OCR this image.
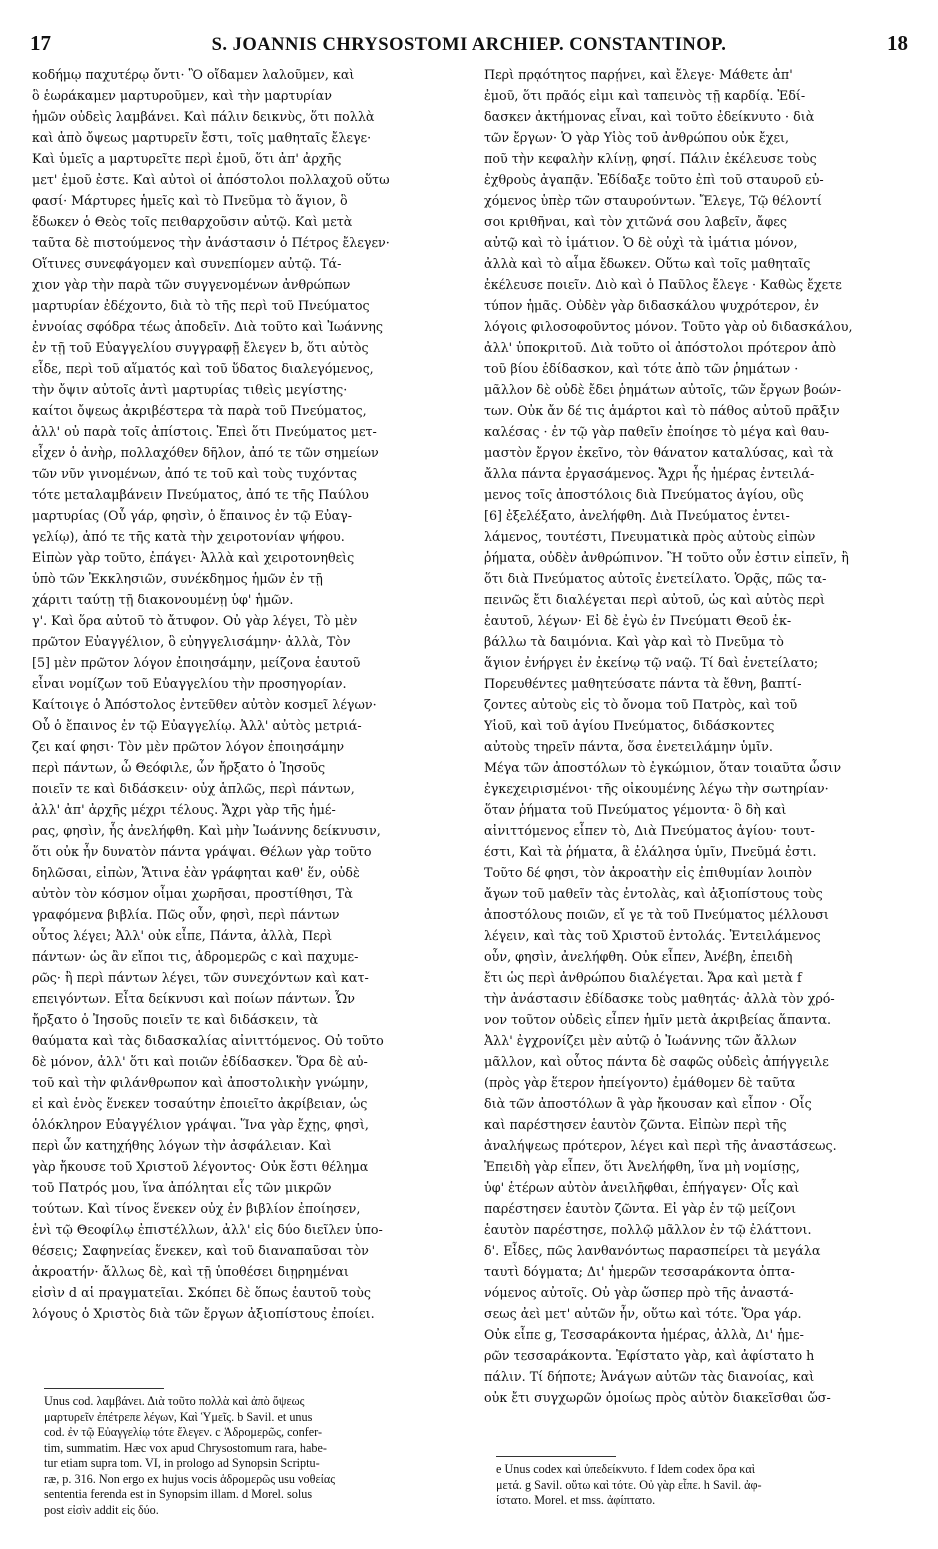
17	S. JOANNIS CHRYSOSTOMI ARCHIEP. CONSTANTINOP.	18
κοδήμῳ παχυτέρῳ ὄντι· Ὃ οἴδαμεν λαλοῦμεν, καὶ
ὃ ἑωράκαμεν μαρτυροῦμεν, καὶ τὴν μαρτυρίαν
ἡμῶν οὐδεὶς λαμβάνει. Καὶ πάλιν δεικνὺς, ὅτι πολλὰ
καὶ ἀπὸ ὄψεως μαρτυρεῖν ἔστι, τοῖς μαθηταῖς ἔλεγε·
Καὶ ὑμεῖς a μαρτυρεῖτε περὶ ἐμοῦ, ὅτι ἀπ' ἀρχῆς
μετ' ἐμοῦ ἐστε. Καὶ αὐτοὶ οἱ ἀπόστολοι πολλαχοῦ οὕτω
φασί· Μάρτυρες ἡμεῖς καὶ τὸ Πνεῦμα τὸ ἅγιον, ὃ
ἔδωκεν ὁ Θεὸς τοῖς πειθαρχοῦσιν αὐτῷ. Καὶ μετὰ
ταῦτα δὲ πιστούμενος τὴν ἀνάστασιν ὁ Πέτρος ἔλεγεν·
Οἵτινες συνεφάγομεν καὶ συνεπίομεν αὐτῷ. Τά-
χιον γὰρ τὴν παρὰ τῶν συγγενομένων ἀνθρώπων
μαρτυρίαν ἐδέχοντο, διὰ τὸ τῆς περὶ τοῦ Πνεύματος
ἐννοίας σφόδρα τέως ἀποδεῖν. Διὰ τοῦτο καὶ Ἰωάννης
ἐν τῇ τοῦ Εὐαγγελίου συγγραφῇ ἔλεγεν b, ὅτι αὐτὸς
εἶδε, περὶ τοῦ αἵματός καὶ τοῦ ὕδατος διαλεγόμενος,
τὴν ὄψιν αὐτοῖς ἀντὶ μαρτυρίας τιθεὶς μεγίστης·
καίτοι ὄψεως ἀκριβέστερα τὰ παρὰ τοῦ Πνεύματος,
ἀλλ' οὐ παρὰ τοῖς ἀπίστοις. Ἐπεὶ ὅτι Πνεύματος μετ-
εἶχεν ὁ ἀνὴρ, πολλαχόθεν δῆλον, ἀπό τε τῶν σημείων
τῶν νῦν γινομένων, ἀπό τε τοῦ καὶ τοὺς τυχόντας
τότε μεταλαμβάνειν Πνεύματος, ἀπό τε τῆς Παύλου
μαρτυρίας (Οὗ γάρ, φησὶν, ὁ ἔπαινος ἐν τῷ Εὐαγ-
γελίῳ), ἀπό τε τῆς κατὰ τὴν χειροτονίαν ψήφου.
Εἰπὼν γὰρ τοῦτο, ἐπάγει· Ἀλλὰ καὶ χειροτονηθεὶς
ὑπὸ τῶν Ἐκκλησιῶν, συνέκδημος ἡμῶν ἐν τῇ
χάριτι ταύτῃ τῇ διακονουμένῃ ὑφ' ἡμῶν.
γ'. Καὶ ὅρα αὐτοῦ τὸ ἄτυφον. Οὐ γὰρ λέγει, Τὸ μὲν
πρῶτον Εὐαγγέλιον, ὃ εὐηγγελισάμην· ἀλλὰ, Τὸν
[5] μὲν πρῶτον λόγον ἐποιησάμην, μείζονα ἑαυτοῦ
εἶναι νομίζων τοῦ Εὐαγγελίου τὴν προσηγορίαν.
Καίτοιγε ὁ Ἀπόστολος ἐντεῦθεν αὐτὸν κοσμεῖ λέγων·
Οὗ ὁ ἔπαινος ἐν τῷ Εὐαγγελίῳ. Ἀλλ' αὐτὸς μετριά-
ζει καί φησι· Τὸν μὲν πρῶτον λόγον ἐποιησάμην
περὶ πάντων, ὦ Θεόφιλε, ὧν ἤρξατο ὁ Ἰησοῦς
ποιεῖν τε καὶ διδάσκειν· οὐχ ἁπλῶς, περὶ πάντων,
ἀλλ' ἀπ' ἀρχῆς μέχρι τέλους. Ἄχρι γὰρ τῆς ἡμέ-
ρας, φησὶν, ἧς ἀνελήφθη. Καὶ μὴν Ἰωάννης δείκνυσιν,
ὅτι οὐκ ἦν δυνατὸν πάντα γράψαι. Θέλων γὰρ τοῦτο
δηλῶσαι, εἰπὼν, Ἅτινα ἐὰν γράφηται καθ' ἕν, οὐδὲ
αὐτὸν τὸν κόσμον οἶμαι χωρῆσαι, προστίθησι, Τὰ
γραφόμενα βιβλία. Πῶς οὖν, φησὶ, περὶ πάντων
οὗτος λέγει; Ἀλλ' οὐκ εἶπε, Πάντα, ἀλλὰ, Περὶ
πάντων· ὡς ἂν εἴποι τις, ἁδρομερῶς c καὶ παχυμε-
ρῶς· ἢ περὶ πάντων λέγει, τῶν συνεχόντων καὶ κατ-
επειγόντων. Εἶτα δείκνυσι καὶ ποίων πάντων. Ὧν
ἤρξατο ὁ Ἰησοῦς ποιεῖν τε καὶ διδάσκειν, τὰ
θαύματα καὶ τὰς διδασκαλίας αἰνιττόμενος. Οὐ τοῦτο
δὲ μόνον, ἀλλ' ὅτι καὶ ποιῶν ἐδίδασκεν. Ὅρα δὲ αὐ-
τοῦ καὶ τὴν φιλάνθρωπον καὶ ἀποστολικὴν γνώμην,
εἰ καὶ ἑνὸς ἕνεκεν τοσαύτην ἐποιεῖτο ἀκρίβειαν, ὡς
ὁλόκληρον Εὐαγγέλιον γράψαι. Ἵνα γὰρ ἔχῃς, φησὶ,
περὶ ὧν κατηχήθης λόγων τὴν ἀσφάλειαν. Καὶ
γὰρ ἤκουσε τοῦ Χριστοῦ λέγοντος· Οὐκ ἔστι θέλημα
τοῦ Πατρός μου, ἵνα ἀπόληται εἷς τῶν μικρῶν
τούτων. Καὶ τίνος ἕνεκεν οὐχ ἐν βιβλίον ἐποίησεν,
ἑνὶ τῷ Θεοφίλῳ ἐπιστέλλων, ἀλλ' εἰς δύο διεῖλεν ὑπο-
θέσεις; Σαφηνείας ἕνεκεν, καὶ τοῦ διαναπαῦσαι τὸν
ἀκροατήν· ἄλλως δὲ, καὶ τῇ ὑποθέσει διῃρημέναι
εἰσὶν d αἱ πραγματεῖαι. Σκόπει δὲ ὅπως ἑαυτοῦ τοὺς
λόγους ὁ Χριστὸς διὰ τῶν ἔργων ἀξιοπίστους ἐποίει.
Περὶ πρᾳότητος παρῄνει, καὶ ἔλεγε· Μάθετε ἀπ'
ἐμοῦ, ὅτι πρᾶός εἰμι καὶ ταπεινὸς τῇ καρδίᾳ. Ἐδί-
δασκεν ἀκτήμονας εἶναι, καὶ τοῦτο ἐδείκνυτο · διὰ
τῶν ἔργων· Ὁ γὰρ Υἱὸς τοῦ ἀνθρώπου οὐκ ἔχει,
ποῦ τὴν κεφαλὴν κλίνῃ, φησί. Πάλιν ἐκέλευσε τοὺς
ἐχθροὺς ἀγαπᾷν. Ἐδίδαξε τοῦτο ἐπὶ τοῦ σταυροῦ εὐ-
χόμενος ὑπὲρ τῶν σταυρούντων. Ἔλεγε, Τῷ θέλοντί
σοι κριθῆναι, καὶ τὸν χιτῶνά σου λαβεῖν, ἄφες
αὐτῷ καὶ τὸ ἱμάτιον. Ὁ δὲ οὐχὶ τὰ ἱμάτια μόνον,
ἀλλὰ καὶ τὸ αἷμα ἔδωκεν. Οὕτω καὶ τοῖς μαθηταῖς
ἐκέλευσε ποιεῖν. Διὸ καὶ ὁ Παῦλος ἔλεγε · Καθὼς ἔχετε
τύπον ἡμᾶς. Οὐδὲν γὰρ διδασκάλου ψυχρότερον, ἐν
λόγοις φιλοσοφοῦντος μόνον. Τοῦτο γὰρ οὐ διδασκάλου,
ἀλλ' ὑποκριτοῦ. Διὰ τοῦτο οἱ ἀπόστολοι πρότερον ἀπὸ
τοῦ βίου ἐδίδασκον, καὶ τότε ἀπὸ τῶν ῥημάτων ·
μᾶλλον δὲ οὐδὲ ἔδει ῥημάτων αὐτοῖς, τῶν ἔργων βοών-
των. Οὐκ ἄν δέ τις ἁμάρτοι καὶ τὸ πάθος αὐτοῦ πρᾶξιν
καλέσας · ἐν τῷ γὰρ παθεῖν ἐποίησε τὸ μέγα καὶ θαυ-
μαστὸν ἔργον ἐκεῖνο, τὸν θάνατον καταλύσας, καὶ τὰ
ἄλλα πάντα ἐργασάμενος. Ἄχρι ἧς ἡμέρας ἐντειλά-
μενος τοῖς ἀποστόλοις διὰ Πνεύματος ἁγίου, οὓς
[6] ἐξελέξατο, ἀνελήφθη. Διὰ Πνεύματος ἐντει-
λάμενος, τουτέστι, Πνευματικὰ πρὸς αὐτοὺς εἰπὼν
ῥήματα, οὐδὲν ἀνθρώπινον. Ἢ τοῦτο οὖν ἐστιν εἰπεῖν, ἢ
ὅτι διὰ Πνεύματος αὐτοῖς ἐνετείλατο. Ὁρᾷς, πῶς τα-
πεινῶς ἔτι διαλέγεται περὶ αὐτοῦ, ὡς καὶ αὐτὸς περὶ
ἑαυτοῦ, λέγων· Εἰ δὲ ἐγὼ ἐν Πνεύματι Θεοῦ ἐκ-
βάλλω τὰ δαιμόνια. Καὶ γὰρ καὶ τὸ Πνεῦμα τὸ
ἅγιον ἐνήργει ἐν ἐκείνῳ τῷ ναῷ. Τί δαὶ ἐνετείλατο;
Πορευθέντες μαθητεύσατε πάντα τὰ ἔθνη, βαπτί-
ζοντες αὐτοὺς εἰς τὸ ὄνομα τοῦ Πατρὸς, καὶ τοῦ
Υἱοῦ, καὶ τοῦ ἁγίου Πνεύματος, διδάσκοντες
αὐτοὺς τηρεῖν πάντα, ὅσα ἐνετειλάμην ὑμῖν.
Μέγα τῶν ἀποστόλων τὸ ἐγκώμιον, ὅταν τοιαῦτα ὦσιν
ἐγκεχειρισμένοι· τῆς οἰκουμένης λέγω τὴν σωτηρίαν·
ὅταν ῥήματα τοῦ Πνεύματος γέμοντα· ὃ δὴ καὶ
αἰνιττόμενος εἶπεν τὸ, Διὰ Πνεύματος ἁγίου· τουτ-
έστι, Καὶ τὰ ῥήματα, ἃ ἐλάλησα ὑμῖν, Πνεῦμά ἐστι.
Τοῦτο δέ φησι, τὸν ἀκροατὴν εἰς ἐπιθυμίαν λοιπὸν
ἄγων τοῦ μαθεῖν τὰς ἐντολὰς, καὶ ἀξιοπίστους τοὺς
ἀποστόλους ποιῶν, εἴ γε τὰ τοῦ Πνεύματος μέλλουσι
λέγειν, καὶ τὰς τοῦ Χριστοῦ ἐντολάς. Ἐντειλάμενος
οὖν, φησὶν, ἀνελήφθη. Οὐκ εἶπεν, Ἀνέβη, ἐπειδὴ
ἔτι ὡς περὶ ἀνθρώπου διαλέγεται. Ἄρα καὶ μετὰ f
τὴν ἀνάστασιν ἐδίδασκε τοὺς μαθητάς· ἀλλὰ τὸν χρό-
νον τοῦτον οὐδεὶς εἶπεν ἡμῖν μετὰ ἀκριβείας ἅπαντα.
Ἀλλ' ἐγχρονίζει μὲν αὐτῷ ὁ Ἰωάννης τῶν ἄλλων
μᾶλλον, καὶ οὗτος πάντα δὲ σαφῶς οὐδεὶς ἀπήγγειλε
(πρὸς γὰρ ἕτερον ἠπείγοντο) ἐμάθομεν δὲ ταῦτα
διὰ τῶν ἀποστόλων ἃ γὰρ ἤκουσαν καὶ εἶπον · Οἷς
καὶ παρέστησεν ἑαυτὸν ζῶντα. Εἰπὼν περὶ τῆς
ἀναλήψεως πρότερον, λέγει καὶ περὶ τῆς ἀναστάσεως.
Ἐπειδὴ γὰρ εἶπεν, ὅτι Ἀνελήφθη, ἵνα μὴ νομίσῃς,
ὑφ' ἑτέρων αὐτὸν ἀνειλῆφθαι, ἐπήγαγεν· Οἷς καὶ
παρέστησεν ἑαυτὸν ζῶντα. Εἰ γὰρ ἐν τῷ μείζονι
ἑαυτὸν παρέστησε, πολλῷ μᾶλλον ἐν τῷ ἐλάττονι.
δ'. Εἶδες, πῶς λανθανόντως παρασπείρει τὰ μεγάλα
ταυτὶ δόγματα; Δι' ἡμερῶν τεσσαράκοντα ὀπτα-
νόμενος αὐτοῖς. Οὐ γὰρ ὥσπερ πρὸ τῆς ἀναστά-
σεως ἀεὶ μετ' αὐτῶν ἦν, οὕτω καὶ τότε. Ὅρα γάρ.
Οὐκ εἶπε g, Τεσσαράκοντα ἡμέρας, ἀλλὰ, Δι' ἡμε-
ρῶν τεσσαράκοντα. Ἐφίστατο γὰρ, καὶ ἀφίστατο h
πάλιν. Τί δήποτε; Ἀνάγων αὐτῶν τὰς διανοίας, καὶ
οὐκ ἔτι συγχωρῶν ὁμοίως πρὸς αὐτὸν διακεῖσθαι ὥσ-
Unus cod. λαμβάνει. Διὰ τοῦτο πολλὰ καὶ ἀπὸ ὄψεως
μαρτυρεῖν ἐπέτρεπε λέγων, Καὶ Ὑμεῖς. b Savil. et unus
cod. ἐν τῷ Εὐαγγελίῳ τότε ἔλεγεν. c Ἁδρομερῶς, confer-
tim, summatim. Hæc vox apud Chrysostomum rara, habe-
tur etiam supra tom. VI, in prologo ad Synopsin Scriptu-
ræ, p. 316. Non ergo ex hujus vocis ἁδρομερῶς usu νοθείας
sententia ferenda est in Synopsim illam. d Morel. solus
post εἰσὶν addit εἰς δύο.
e Unus codex καὶ ὑπεδείκνυτο. f Idem codex ὅρα καὶ
μετά. g Savil. οὕτω καὶ τότε. Οὐ γὰρ εἶπε. h Savil. ἀφ-
ίστατο. Morel. et mss. ἀφίπτατο.
